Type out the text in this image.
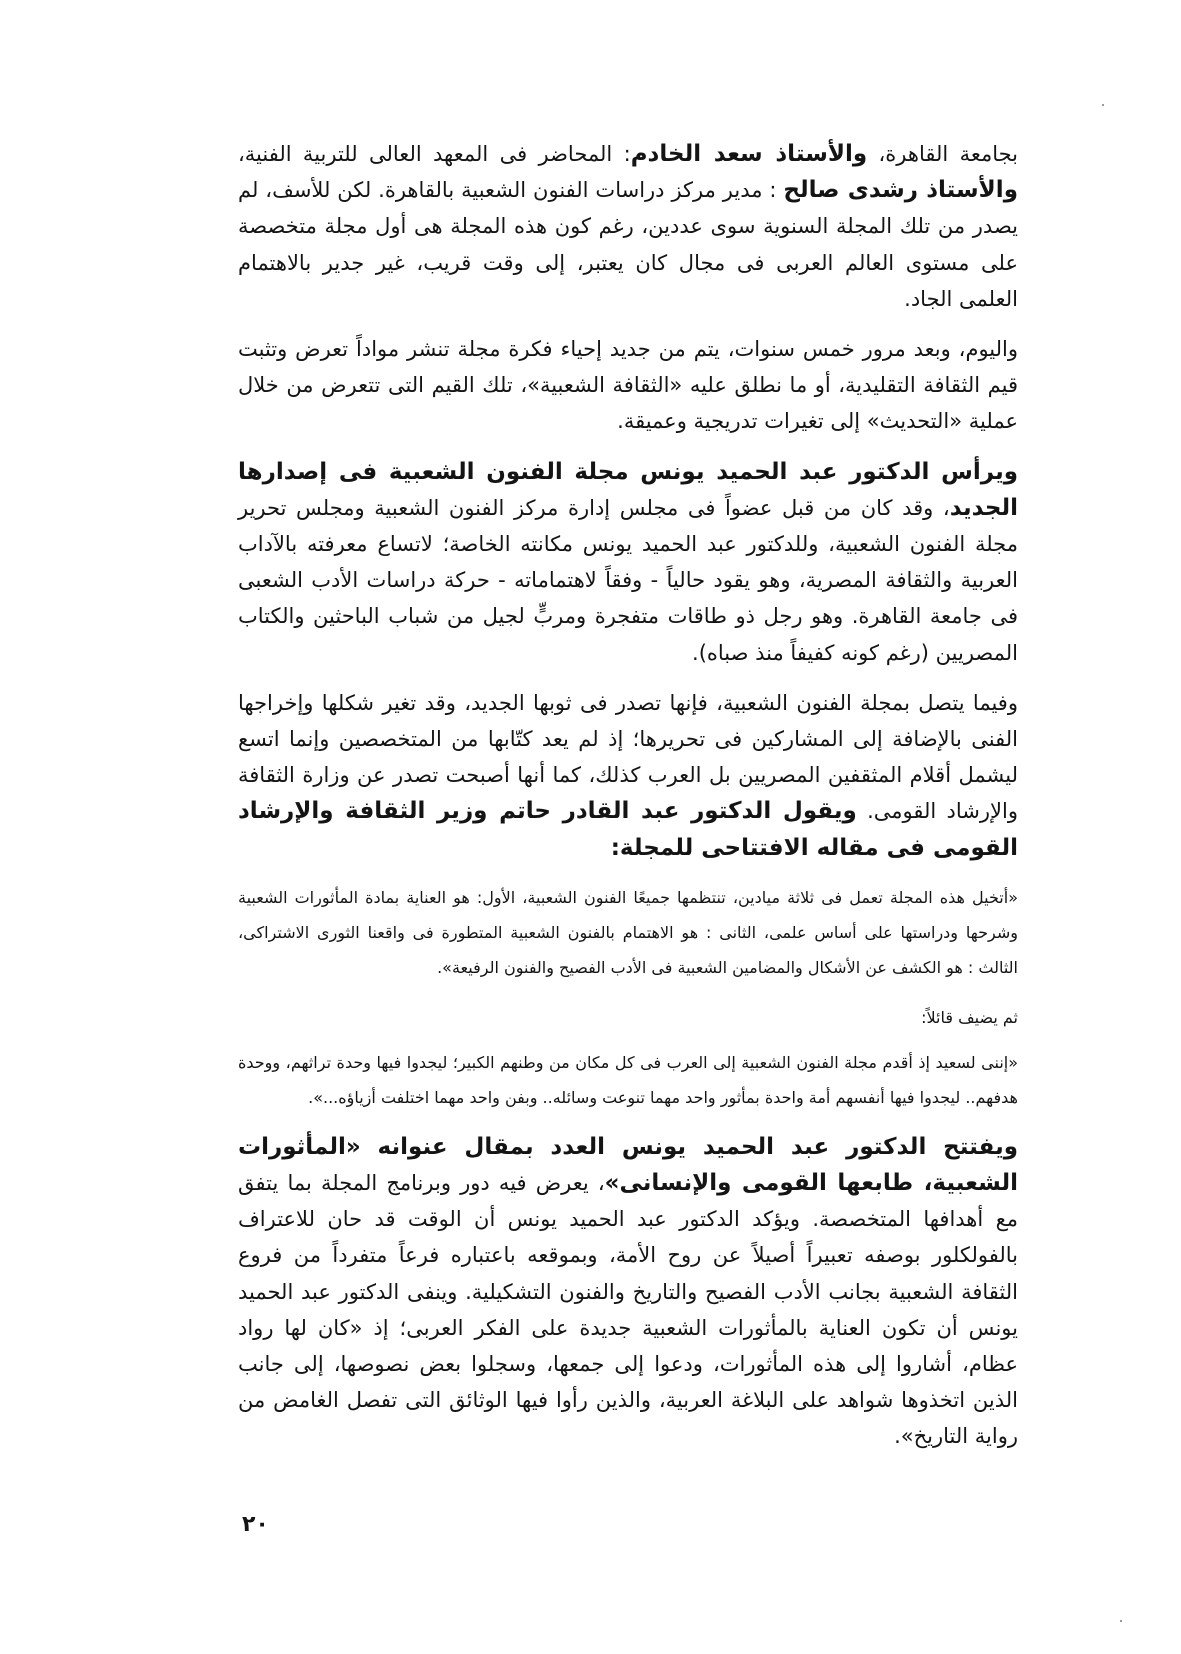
بجامعة القاهرة، والأستاذ سعد الخادم: المحاضر فى المعهد العالى للتربية الفنية، والأستاذ رشدى صالح : مدير مركز دراسات الفنون الشعبية بالقاهرة. لكن للأسف، لم يصدر من تلك المجلة السنوية سوى عددين، رغم كون هذه المجلة هى أول مجلة متخصصة على مستوى العالم العربى فى مجال كان يعتبر، إلى وقت قريب، غير جدير بالاهتمام العلمى الجاد.

واليوم، وبعد مرور خمس سنوات، يتم من جديد إحياء فكرة مجلة تنشر مواداً تعرض وتثبت قيم الثقافة التقليدية، أو ما نطلق عليه «الثقافة الشعبية»، تلك القيم التى تتعرض من خلال عملية «التحديث» إلى تغيرات تدريجية وعميقة.

ويرأس الدكتور عبد الحميد يونس مجلة الفنون الشعبية فى إصدارها الجديد، وقد كان من قبل عضواً فى مجلس إدارة مركز الفنون الشعبية ومجلس تحرير مجلة الفنون الشعبية، وللدكتور عبد الحميد يونس مكانته الخاصة؛ لاتساع معرفته بالآداب العربية والثقافة المصرية، وهو يقود حالياً - وفقاً لاهتماماته - حركة دراسات الأدب الشعبى فى جامعة القاهرة. وهو رجل ذو طاقات متفجرة ومربٍّ لجيل من شباب الباحثين والكتاب المصريين (رغم كونه كفيفاً منذ صباه).

وفيما يتصل بمجلة الفنون الشعبية، فإنها تصدر فى ثوبها الجديد، وقد تغير شكلها وإخراجها الفنى بالإضافة إلى المشاركين فى تحريرها؛ إذ لم يعد كتّابها من المتخصصين وإنما اتسع ليشمل أقلام المثقفين المصريين بل العرب كذلك، كما أنها أصبحت تصدر عن وزارة الثقافة والإرشاد القومى. ويقول الدكتور عبد القادر حاتم وزير الثقافة والإرشاد القومى فى مقاله الافتتاحى للمجلة:

«أتخيل هذه المجلة تعمل فى ثلاثة ميادين، تنتظمها جميعًا الفنون الشعبية، الأول: هو العناية بمادة المأثورات الشعبية وشرحها ودراستها على أساس علمى، الثانى : هو الاهتمام بالفنون الشعبية المتطورة فى واقعنا الثورى الاشتراكى، الثالث : هو الكشف عن الأشكال والمضامين الشعبية فى الأدب الفصيح والفنون الرفيعة».

ثم يضيف قائلاً:

«إننى لسعيد إذ أقدم مجلة الفنون الشعبية إلى العرب فى كل مكان من وطنهم الكبير؛ ليجدوا فيها وحدة تراثهم، ووحدة هدفهم.. ليجدوا فيها أنفسهم أمة واحدة بمأثور واحد مهما تنوعت وسائله.. وبفن واحد مهما اختلفت أزياؤه...».

ويفتتح الدكتور عبد الحميد يونس العدد بمقال عنوانه «المأثورات الشعبية، طابعها القومى والإنسانى»، يعرض فيه دور وبرنامج المجلة بما يتفق مع أهدافها المتخصصة. ويؤكد الدكتور عبد الحميد يونس أن الوقت قد حان للاعتراف بالفولكلور بوصفه تعبيراً أصيلاً عن روح الأمة، وبموقعه باعتباره فرعاً متفرداً من فروع الثقافة الشعبية بجانب الأدب الفصيح والتاريخ والفنون التشكيلية. وينفى الدكتور عبد الحميد يونس أن تكون العناية بالمأثورات الشعبية جديدة على الفكر العربى؛ إذ «كان لها رواد عظام، أشاروا إلى هذه المأثورات، ودعوا إلى جمعها، وسجلوا بعض نصوصها، إلى جانب الذين اتخذوها شواهد على البلاغة العربية، والذين رأوا فيها الوثائق التى تفصل الغامض من رواية التاريخ».

٢٠
